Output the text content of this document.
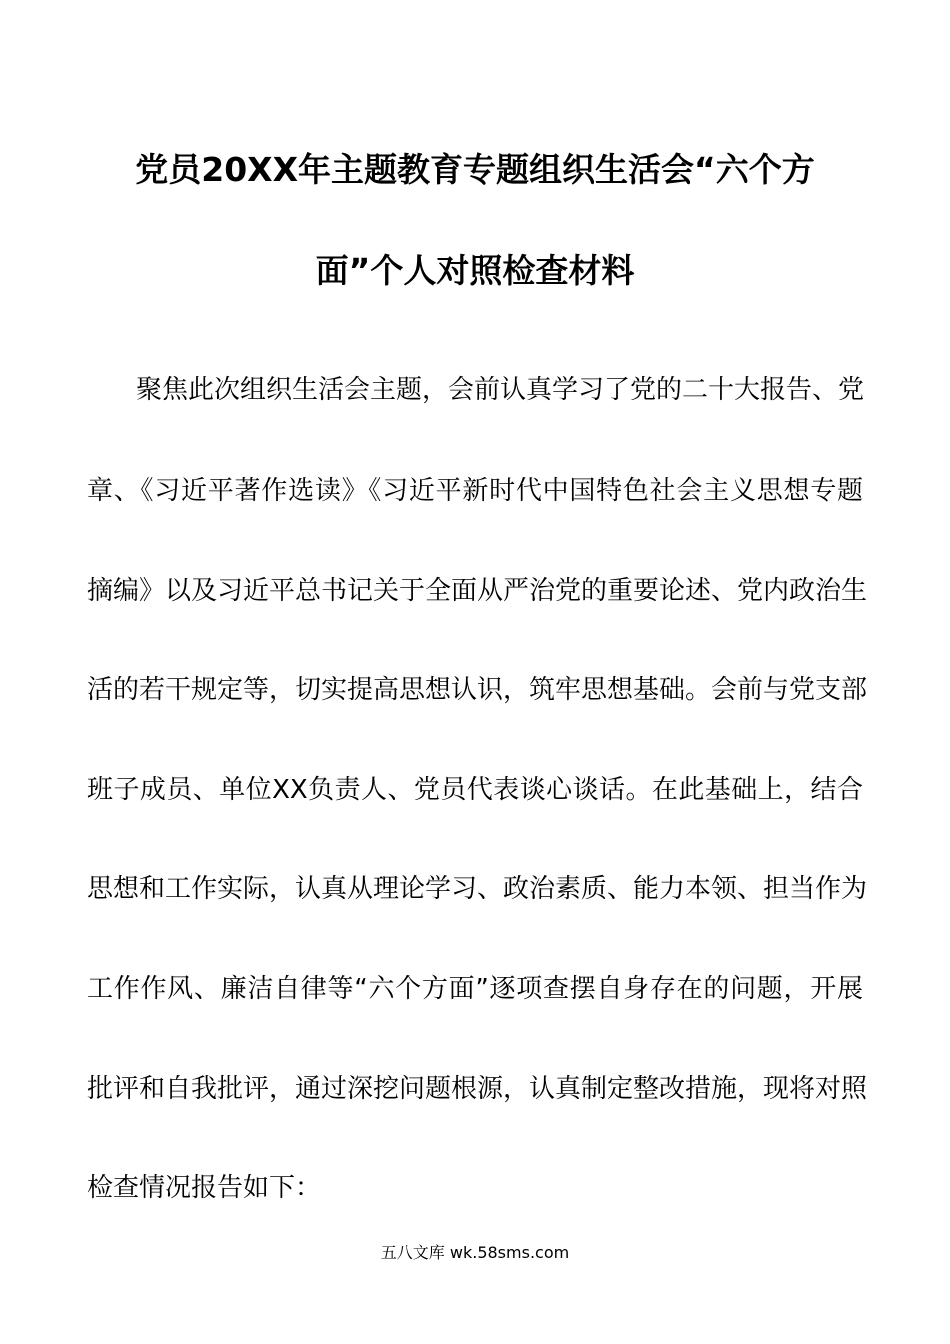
党员20XX年主题教育专题组织生活会“六个方
面”个人对照检查材料
聚焦此次组织生活会主题，会前认真学习了党的二十大报告、党
章、《习近平著作选读》《习近平新时代中国特色社会主义思想专题
摘编》以及习近平总书记关于全面从严治党的重要论述、党内政治生
活的若干规定等，切实提高思想认识，筑牢思想基础。会前与党支部
班子成员、单位XX负责人、党员代表谈心谈话。在此基础上，结合
思想和工作实际，认真从理论学习、政治素质、能力本领、担当作为
工作作风、廉洁自律等“六个方面”逐项查摆自身存在的问题，开展
批评和自我批评，通过深挖问题根源，认真制定整改措施，现将对照
检查情况报告如下：
五八文库 wk.58sms.com
